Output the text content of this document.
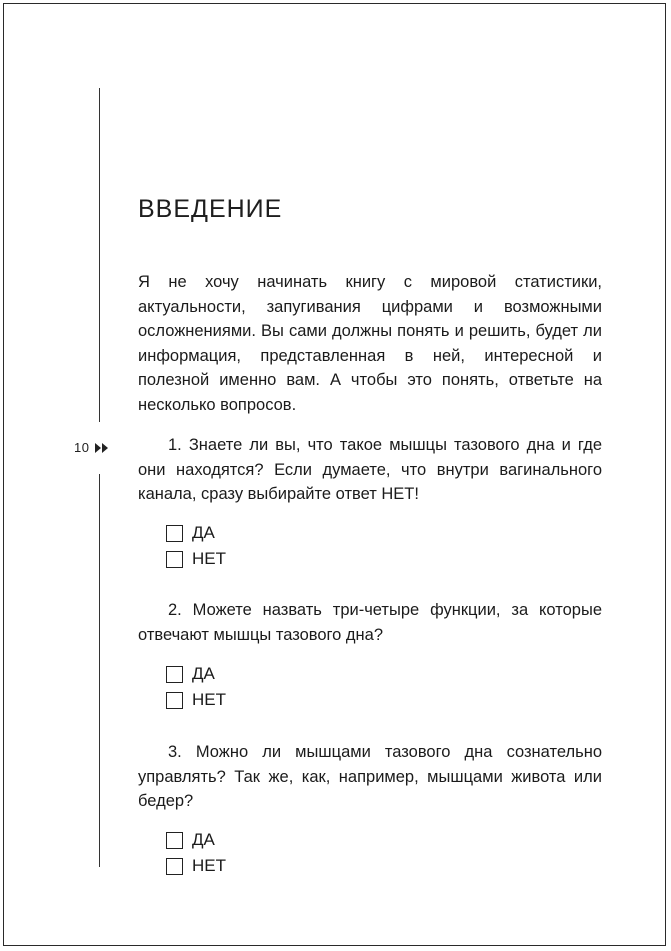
10
ВВЕДЕНИЕ

Я не хочу начинать книгу с мировой статистики, актуальности, запугивания цифрами и возможными осложнениями. Вы сами должны понять и решить, будет ли информация, представленная в ней, интересной и полезной именно вам. А чтобы это понять, ответьте на несколько вопросов.

1. Знаете ли вы, что такое мышцы тазового дна и где они находятся? Если думаете, что внутри вагинального канала, сразу выбирайте ответ НЕТ!

ДА
НЕТ

2. Можете назвать три-четыре функции, за которые отвечают мышцы тазового дна?

ДА
НЕТ

3. Можно ли мышцами тазового дна сознательно управлять? Так же, как, например, мышцами живота или бедер?

ДА
НЕТ
